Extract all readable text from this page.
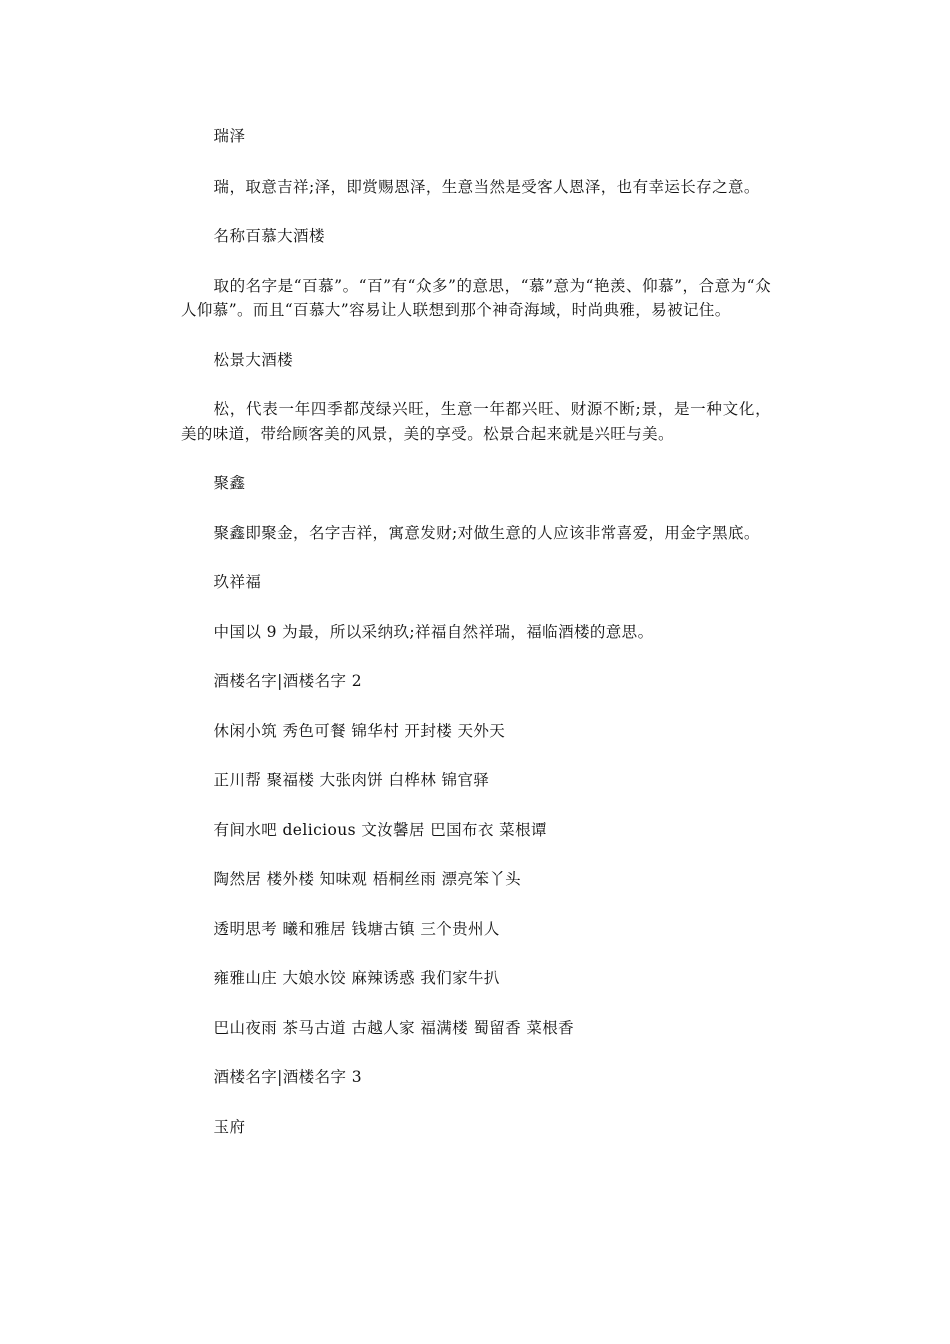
瑞泽

瑞，取意吉祥;泽，即赏赐恩泽，生意当然是受客人恩泽，也有幸运长存之意。

名称百慕大酒楼

取的名字是“百慕”。“百”有“众多”的意思，“慕”意为“艳羡、仰慕”，合意为“众人仰慕”。而且“百慕大”容易让人联想到那个神奇海域，时尚典雅，易被记住。

松景大酒楼

松，代表一年四季都茂绿兴旺，生意一年都兴旺、财源不断;景，是一种文化，美的味道，带给顾客美的风景，美的享受。松景合起来就是兴旺与美。

聚鑫

聚鑫即聚金，名字吉祥，寓意发财;对做生意的人应该非常喜爱，用金字黑底。

玖祥福

中国以 9 为最，所以采纳玖;祥福自然祥瑞，福临酒楼的意思。

酒楼名字|酒楼名字 2

休闲小筑 秀色可餐 锦华村 开封楼 天外天

正川帮 聚福楼 大张肉饼 白桦林 锦官驿

有间水吧 delicious 文汝馨居 巴国布衣 菜根谭

陶然居 楼外楼 知味观 梧桐丝雨 漂亮笨丫头

透明思考 曦和雅居 钱塘古镇 三个贵州人

雍雅山庄 大娘水饺 麻辣诱惑 我们家牛扒

巴山夜雨 茶马古道 古越人家 福满楼 蜀留香 菜根香

酒楼名字|酒楼名字 3

玉府
